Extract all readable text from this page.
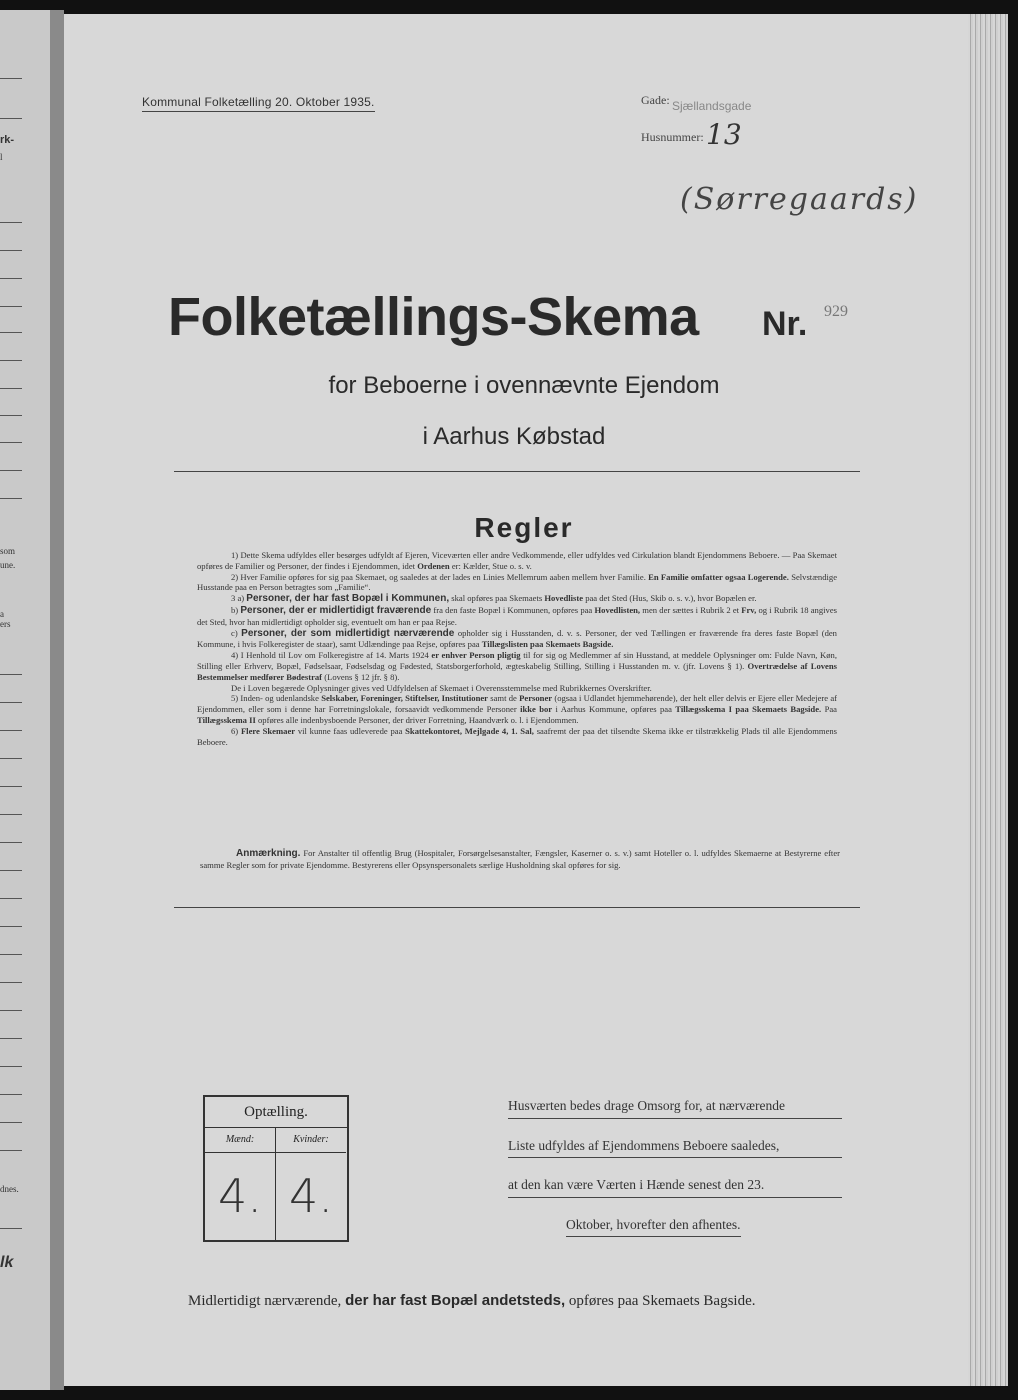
rk-
l
som
une.
a
ers
dnes.
lk
Kommunal Folketælling 20. Oktober 1935.	Gade: Sjællandsgade
Husnummer: 13
(Sørregaards)
Folketællings-Skema Nr. 929
for Beboerne i ovennævnte Ejendom
i Aarhus Købstad
Regler

1) Dette Skema udfyldes eller besørges udfyldt af Ejeren, Viceværten eller andre Vedkommende, eller udfyldes ved Cirkulation blandt Ejendommens Beboere. — Paa Skemaet opføres de Familier og Personer, der findes i Ejendommen, idet Ordenen er: Kælder, Stue o. s. v.

2) Hver Familie opføres for sig paa Skemaet, og saaledes at der lades en Linies Mellemrum aaben mellem hver Familie. En Familie omfatter ogsaa Logerende. Selvstændige Husstande paa en Person betragtes som „Familie“.

3 a) Personer, der har fast Bopæl i Kommunen, skal opføres paa Skemaets Hovedliste paa det Sted (Hus, Skib o. s. v.), hvor Bopælen er.

b) Personer, der er midlertidigt fraværende fra den faste Bopæl i Kommunen, opføres paa Hovedlisten, men der sættes i Rubrik 2 et Frv, og i Rubrik 18 angives det Sted, hvor han midlertidigt opholder sig, eventuelt om han er paa Rejse.

c) Personer, der som midlertidigt nærværende opholder sig i Husstanden, d. v. s. Personer, der ved Tællingen er fraværende fra deres faste Bopæl (den Kommune, i hvis Folkeregister de staar), samt Udlændinge paa Rejse, opføres paa Tillægslisten paa Skemaets Bagside.

4) I Henhold til Lov om Folkeregistre af 14. Marts 1924 er enhver Person pligtig til for sig og Medlemmer af sin Husstand, at meddele Oplysninger om: Fulde Navn, Køn, Stilling eller Erhverv, Bopæl, Fødselsaar, Fødselsdag og Fødested, Statsborgerforhold, ægteskabelig Stilling, Stilling i Husstanden m. v. (jfr. Lovens § 1). Overtrædelse af Lovens Bestemmelser medfører Bødestraf (Lovens § 12 jfr. § 8).

De i Loven begærede Oplysninger gives ved Udfyldelsen af Skemaet i Overensstemmelse med Rubrikkernes Overskrifter.

5) Inden- og udenlandske Selskaber, Foreninger, Stiftelser, Institutioner samt de Personer (ogsaa i Udlandet hjemmehørende), der helt eller delvis er Ejere eller Medejere af Ejendommen, eller som i denne har Forretningslokale, forsaavidt vedkommende Personer ikke bor i Aarhus Kommune, opføres paa Tillægsskema I paa Skemaets Bagside. Paa Tillægsskema II opføres alle indenbysboende Personer, der driver Forretning, Haandværk o. l. i Ejendommen.

6) Flere Skemaer vil kunne faas udleverede paa Skattekontoret, Mejlgade 4, 1. Sal, saafremt der paa det tilsendte Skema ikke er tilstrækkelig Plads til alle Ejendommens Beboere.

Anmærkning. For Anstalter til offentlig Brug (Hospitaler, Forsørgelsesanstalter, Fængsler, Kaserner o. s. v.) samt Hoteller o. l. udfyldes Skemaerne at Bestyrerne efter samme Regler som for private Ejendomme. Bestyrerens eller Opsynspersonalets særlige Husholdning skal opføres for sig.
Optælling.
Mænd:
4.
Kvinder:
4.
Husværten bedes drage Omsorg for, at nærværende
Liste udfyldes af Ejendommens Beboere saaledes,
at den kan være Værten i Hænde senest den 23.
Oktober, hvorefter den afhentes.
Midlertidigt nærværende, der har fast Bopæl andetsteds, opføres paa Skemaets Bagside.
